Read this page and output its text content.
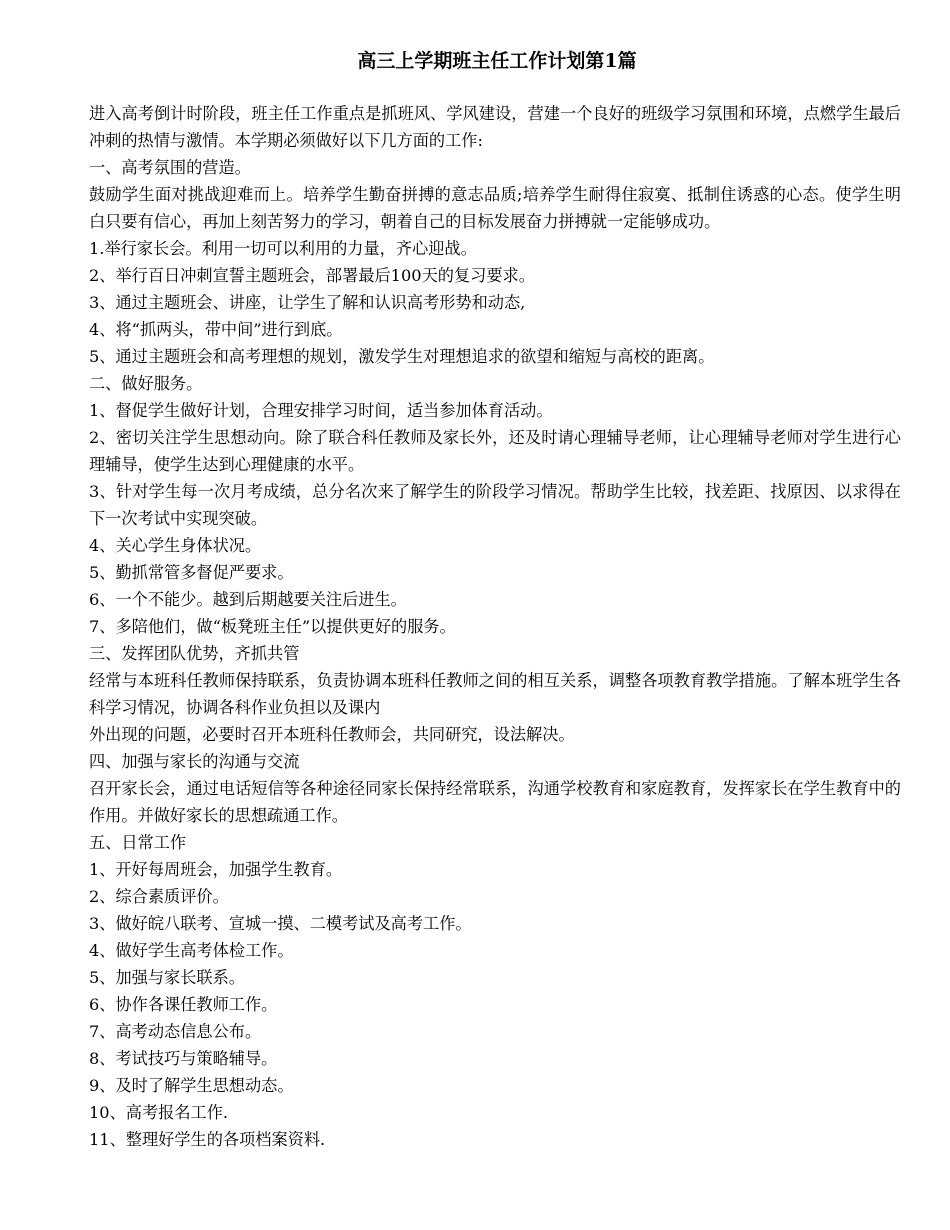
高三上学期班主任工作计划第1篇

进入高考倒计时阶段，班主任工作重点是抓班风、学风建设，营建一个良好的班级学习氛围和环境，点燃学生最后冲刺的热情与激情。本学期必须做好以下几方面的工作:

一、高考氛围的营造。

鼓励学生面对挑战迎难而上。培养学生勤奋拼搏的意志品质;培养学生耐得住寂寞、抵制住诱惑的心态。使学生明白只要有信心，再加上刻苦努力的学习，朝着自己的目标发展奋力拼搏就一定能够成功。

1.举行家长会。利用一切可以利用的力量，齐心迎战。

2、举行百日冲刺宣誓主题班会，部署最后100天的复习要求。

3、通过主题班会、讲座，让学生了解和认识高考形势和动态,

4、将“抓两头，带中间”进行到底。

5、通过主题班会和高考理想的规划，激发学生对理想追求的欲望和缩短与高校的距离。

二、做好服务。

1、督促学生做好计划，合理安排学习时间，适当参加体育活动。

2、密切关注学生思想动向。除了联合科任教师及家长外，还及时请心理辅导老师，让心理辅导老师对学生进行心理辅导，使学生达到心理健康的水平。

3、针对学生每一次月考成绩，总分名次来了解学生的阶段学习情况。帮助学生比较，找差距、找原因、以求得在下一次考试中实现突破。

4、关心学生身体状况。

5、勤抓常管多督促严要求。

6、一个不能少。越到后期越要关注后进生。

7、多陪他们，做“板凳班主任”以提供更好的服务。

三、发挥团队优势，齐抓共管

经常与本班科任教师保持联系，负责协调本班科任教师之间的相互关系，调整各项教育教学措施。了解本班学生各科学习情况，协调各科作业负担以及课内

外出现的问题，必要时召开本班科任教师会，共同研究，设法解决。

四、加强与家长的沟通与交流

召开家长会，通过电话短信等各种途径同家长保持经常联系，沟通学校教育和家庭教育，发挥家长在学生教育中的作用。并做好家长的思想疏通工作。

五、日常工作

1、开好每周班会，加强学生教育。

2、综合素质评价。

3、做好皖八联考、宣城一摸、二模考试及高考工作。

4、做好学生高考体检工作。

5、加强与家长联系。

6、协作各课任教师工作。

7、高考动态信息公布。

8、考试技巧与策略辅导。

9、及时了解学生思想动态。

10、高考报名工作.

11、整理好学生的各项档案资料.
